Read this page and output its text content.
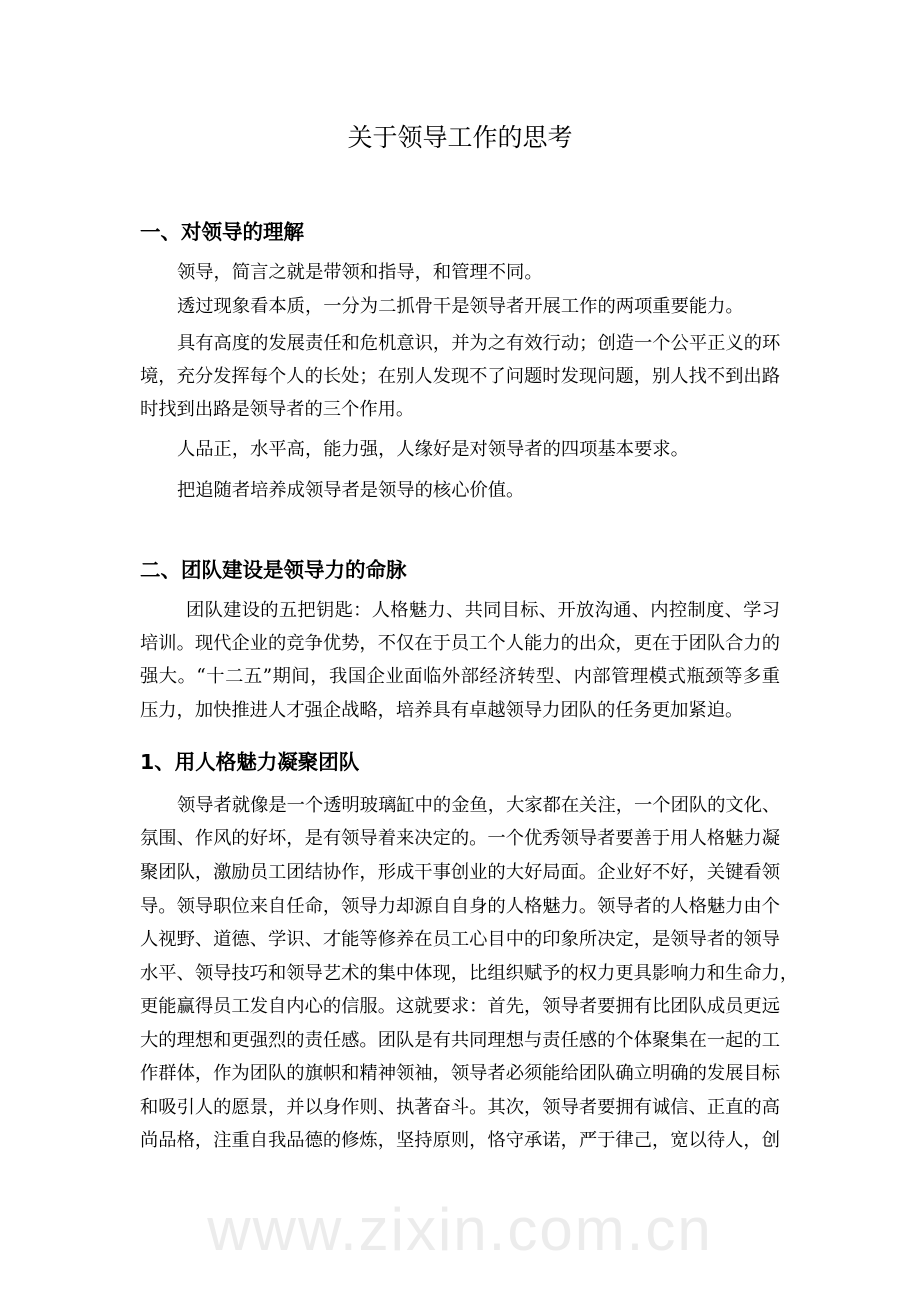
www.zixin.com.cn
关于领导工作的思考
一、对领导的理解
领导，简言之就是带领和指导，和管理不同。
透过现象看本质，一分为二抓骨干是领导者开展工作的两项重要能力。
具有高度的发展责任和危机意识，并为之有效行动；创造一个公平正义的环
境，充分发挥每个人的长处；在别人发现不了问题时发现问题，别人找不到出路
时找到出路是领导者的三个作用。
人品正，水平高，能力强，人缘好是对领导者的四项基本要求。
把追随者培养成领导者是领导的核心价值。
二、团队建设是领导力的命脉
团队建设的五把钥匙：人格魅力、共同目标、开放沟通、内控制度、学习
培训。现代企业的竞争优势，不仅在于员工个人能力的出众，更在于团队合力的
强大。“十二五”期间，我国企业面临外部经济转型、内部管理模式瓶颈等多重
压力，加快推进人才强企战略，培养具有卓越领导力团队的任务更加紧迫。
1、用人格魅力凝聚团队
领导者就像是一个透明玻璃缸中的金鱼，大家都在关注，一个团队的文化、
氛围、作风的好坏，是有领导着来决定的。一个优秀领导者要善于用人格魅力凝
聚团队，激励员工团结协作，形成干事创业的大好局面。企业好不好，关键看领
导。领导职位来自任命，领导力却源自自身的人格魅力。领导者的人格魅力由个
人视野、道德、学识、才能等修养在员工心目中的印象所决定，是领导者的领导
水平、领导技巧和领导艺术的集中体现，比组织赋予的权力更具影响力和生命力，
更能赢得员工发自内心的信服。这就要求：首先，领导者要拥有比团队成员更远
大的理想和更强烈的责任感。团队是有共同理想与责任感的个体聚集在一起的工
作群体，作为团队的旗帜和精神领袖，领导者必须能给团队确立明确的发展目标
和吸引人的愿景，并以身作则、执著奋斗。其次，领导者要拥有诚信、正直的高
尚品格，注重自我品德的修炼，坚持原则，恪守承诺，严于律己，宽以待人，创
